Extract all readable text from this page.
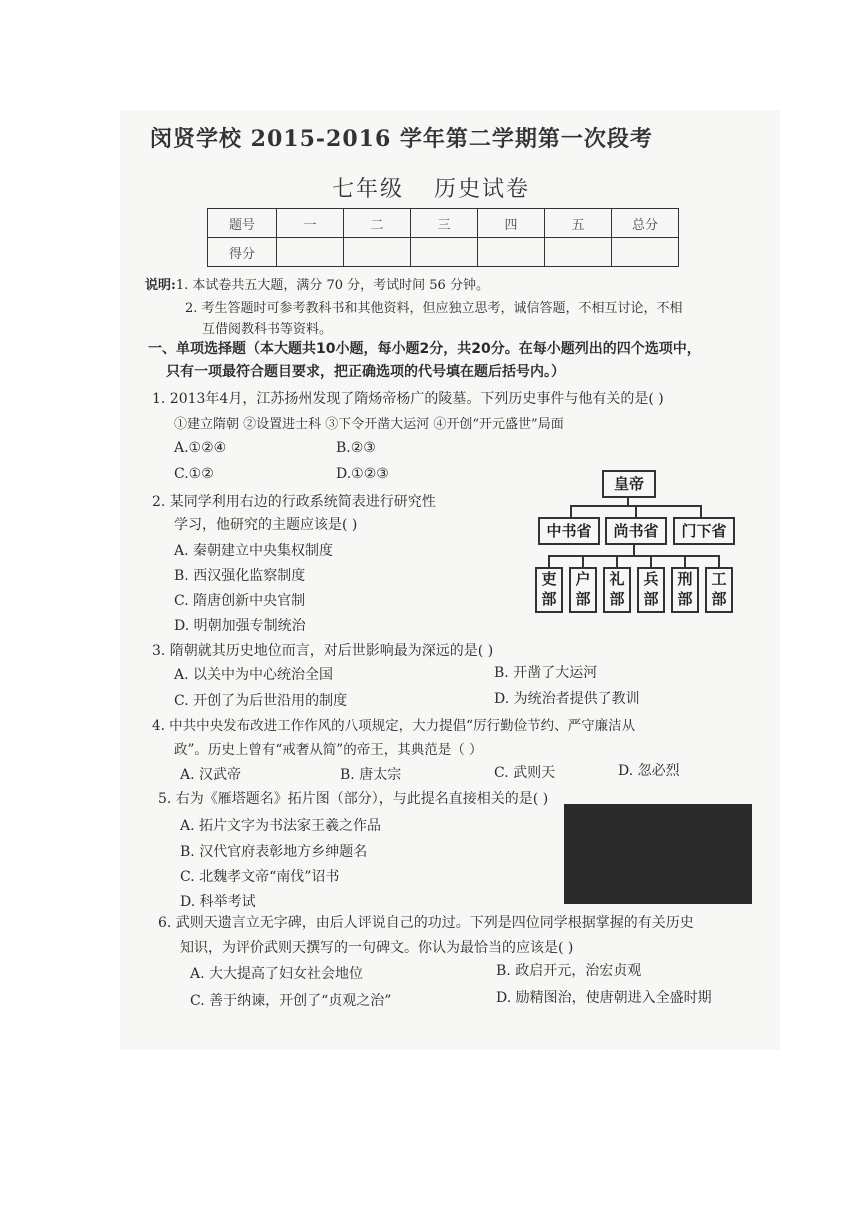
闵贤学校 2015-2016 学年第二学期第一次段考
七年级 历史试卷
题号	一	二	三	四	五	总分
得分						
说明:1. 本试卷共五大题，满分 70 分，考试时间 56 分钟。
2. 考生答题时可参考教科书和其他资料，但应独立思考，诚信答题，不相互讨论，不相
互借阅教科书等资料。
一、单项选择题（本大题共10小题，每小题2分，共20分。在每小题列出的四个选项中，
只有一项最符合题目要求，把正确选项的代号填在题后括号内。）
1. 2013年4月，江苏扬州发现了隋炀帝杨广的陵墓。下列历史事件与他有关的是( )
①建立隋朝 ②设置进士科 ③下令开凿大运河 ④开创“开元盛世”局面
A.①②④	B.②③
C.①②	D.①②③
2. 某同学利用右边的行政系统简表进行研究性
学习，他研究的主题应该是( )
A. 秦朝建立中央集权制度
B. 西汉强化监察制度
C. 隋唐创新中央官制
D. 明朝加强专制统治
皇帝
中书省	尚书省	门下省
吏
部
户
部
礼
部
兵
部
刑
部
工
部
3. 隋朝就其历史地位而言，对后世影响最为深远的是( )
A. 以关中为中心统治全国	B. 开凿了大运河
C. 开创了为后世沿用的制度	D. 为统治者提供了教训
4. 中共中央发布改进工作作风的八项规定，大力提倡“厉行勤俭节约、严守廉洁从
政”。历史上曾有“戒奢从简”的帝王，其典范是（ ）
A. 汉武帝	B. 唐太宗	C. 武则天	D. 忽必烈
5. 右为《雁塔题名》拓片图（部分），与此提名直接相关的是( )
A. 拓片文字为书法家王羲之作品
B. 汉代官府表彰地方乡绅题名
C. 北魏孝文帝“南伐”诏书
D. 科举考试
6. 武则天遗言立无字碑，由后人评说自己的功过。下列是四位同学根据掌握的有关历史
知识，为评价武则天撰写的一句碑文。你认为最恰当的应该是( )
A. 大大提高了妇女社会地位	B. 政启开元，治宏贞观
C. 善于纳谏，开创了“贞观之治”	D. 励精图治，使唐朝进入全盛时期
